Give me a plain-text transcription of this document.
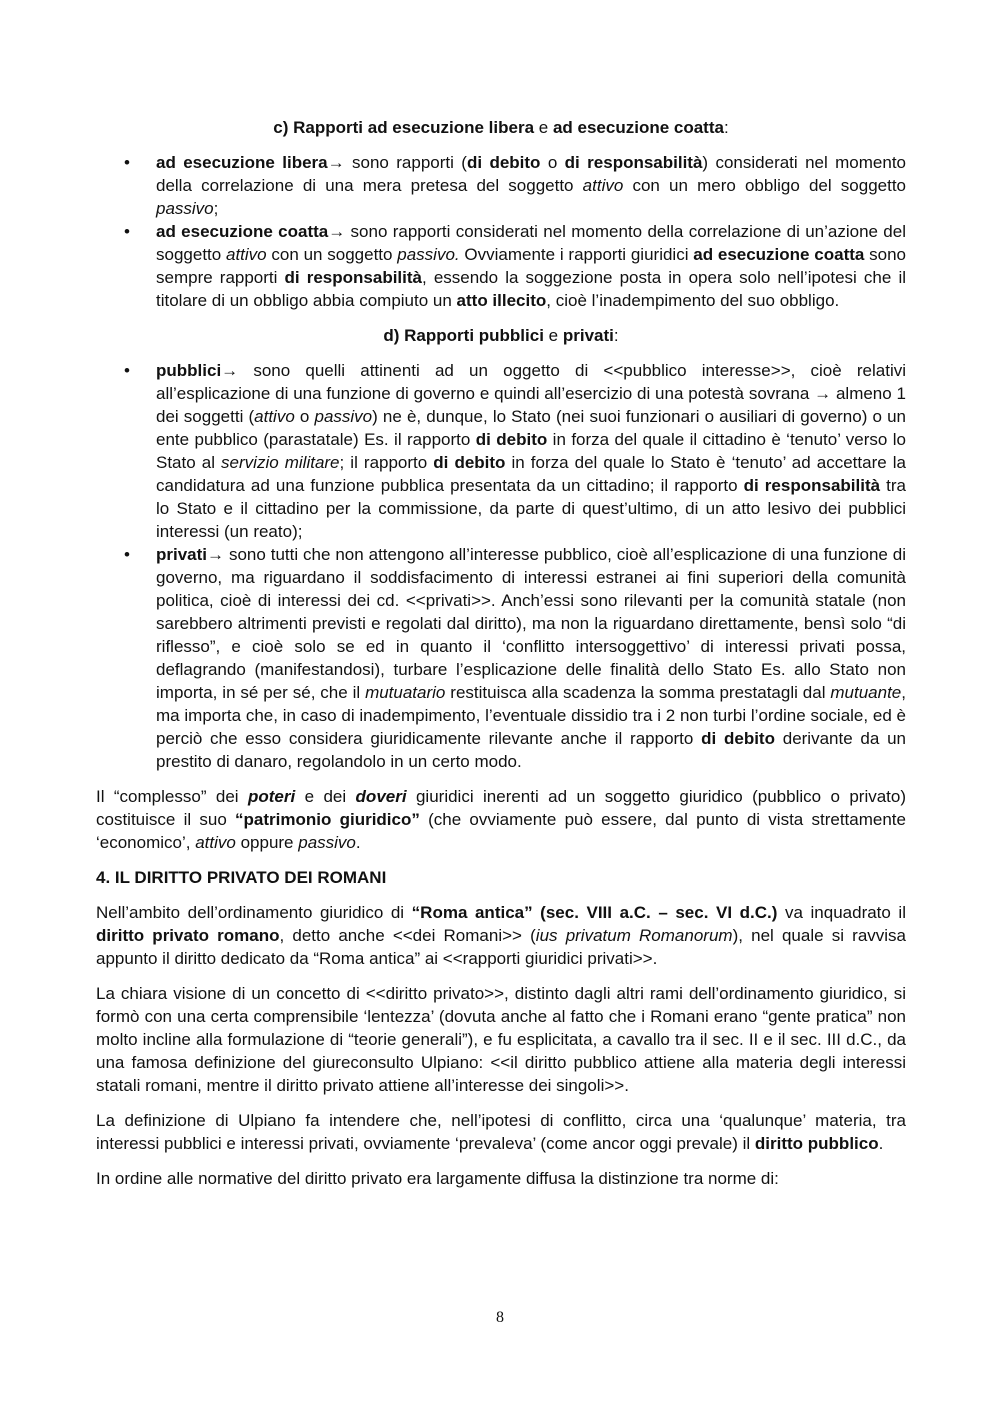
c) Rapporti ad esecuzione libera e ad esecuzione coatta:

• ad esecuzione libera→ sono rapporti (di debito o di responsabilità) considerati nel momento della correlazione di una mera pretesa del soggetto attivo con un mero obbligo del soggetto passivo;
• ad esecuzione coatta→ sono rapporti considerati nel momento della correlazione di un’azione del soggetto attivo con un soggetto passivo. Ovviamente i rapporti giuridici ad esecuzione coatta sono sempre rapporti di responsabilità, essendo la soggezione posta in opera solo nell’ipotesi che il titolare di un obbligo abbia compiuto un atto illecito, cioè l’inadempimento del suo obbligo.

d) Rapporti pubblici e privati:

• pubblici→ sono quelli attinenti ad un oggetto di <<pubblico interesse>>, cioè relativi all’esplicazione di una funzione di governo e quindi all’esercizio di una potestà sovrana → almeno 1 dei soggetti (attivo o passivo) ne è, dunque, lo Stato (nei suoi funzionari o ausiliari di governo) o un ente pubblico (parastatale) Es. il rapporto di debito in forza del quale il cittadino è ‘tenuto’ verso lo Stato al servizio militare; il rapporto di debito in forza del quale lo Stato è ‘tenuto’ ad accettare la candidatura ad una funzione pubblica presentata da un cittadino; il rapporto di responsabilità tra lo Stato e il cittadino per la commissione, da parte di quest’ultimo, di un atto lesivo dei pubblici interessi (un reato);
• privati→ sono tutti che non attengono all’interesse pubblico, cioè all’esplicazione di una funzione di governo, ma riguardano il soddisfacimento di interessi estranei ai fini superiori della comunità politica, cioè di interessi dei cd. <<privati>>. Anch’essi sono rilevanti per la comunità statale (non sarebbero altrimenti previsti e regolati dal diritto), ma non la riguardano direttamente, bensì solo “di riflesso”, e cioè solo se ed in quanto il ‘conflitto intersoggettivo’ di interessi privati possa, deflagrando (manifestandosi), turbare l’esplicazione delle finalità dello Stato Es. allo Stato non importa, in sé per sé, che il mutuatario restituisca alla scadenza la somma prestatagli dal mutuante, ma importa che, in caso di inadempimento, l’eventuale dissidio tra i 2 non turbi l’ordine sociale, ed è perciò che esso considera giuridicamente rilevante anche il rapporto di debito derivante da un prestito di danaro, regolandolo in un certo modo.

Il “complesso” dei poteri e dei doveri giuridici inerenti ad un soggetto giuridico (pubblico o privato) costituisce il suo “patrimonio giuridico” (che ovviamente può essere, dal punto di vista strettamente ‘economico’, attivo oppure passivo.

4. IL DIRITTO PRIVATO DEI ROMANI

Nell’ambito dell’ordinamento giuridico di “Roma antica” (sec. VIII a.C. – sec. VI d.C.) va inquadrato il diritto privato romano, detto anche <<dei Romani>> (ius privatum Romanorum), nel quale si ravvisa appunto il diritto dedicato da “Roma antica” ai <<rapporti giuridici privati>>.

La chiara visione di un concetto di <<diritto privato>>, distinto dagli altri rami dell’ordinamento giuridico, si formò con una certa comprensibile ‘lentezza’ (dovuta anche al fatto che i Romani erano “gente pratica” non molto incline alla formulazione di “teorie generali”), e fu esplicitata, a cavallo tra il sec. II e il sec. III d.C., da una famosa definizione del giureconsulto Ulpiano: <<il diritto pubblico attiene alla materia degli interessi statali romani, mentre il diritto privato attiene all’interesse dei singoli>>.

La definizione di Ulpiano fa intendere che, nell’ipotesi di conflitto, circa una ‘qualunque’ materia, tra interessi pubblici e interessi privati, ovviamente ‘prevaleva’ (come ancor oggi prevale) il diritto pubblico.

In ordine alle normative del diritto privato era largamente diffusa la distinzione tra norme di:

8
